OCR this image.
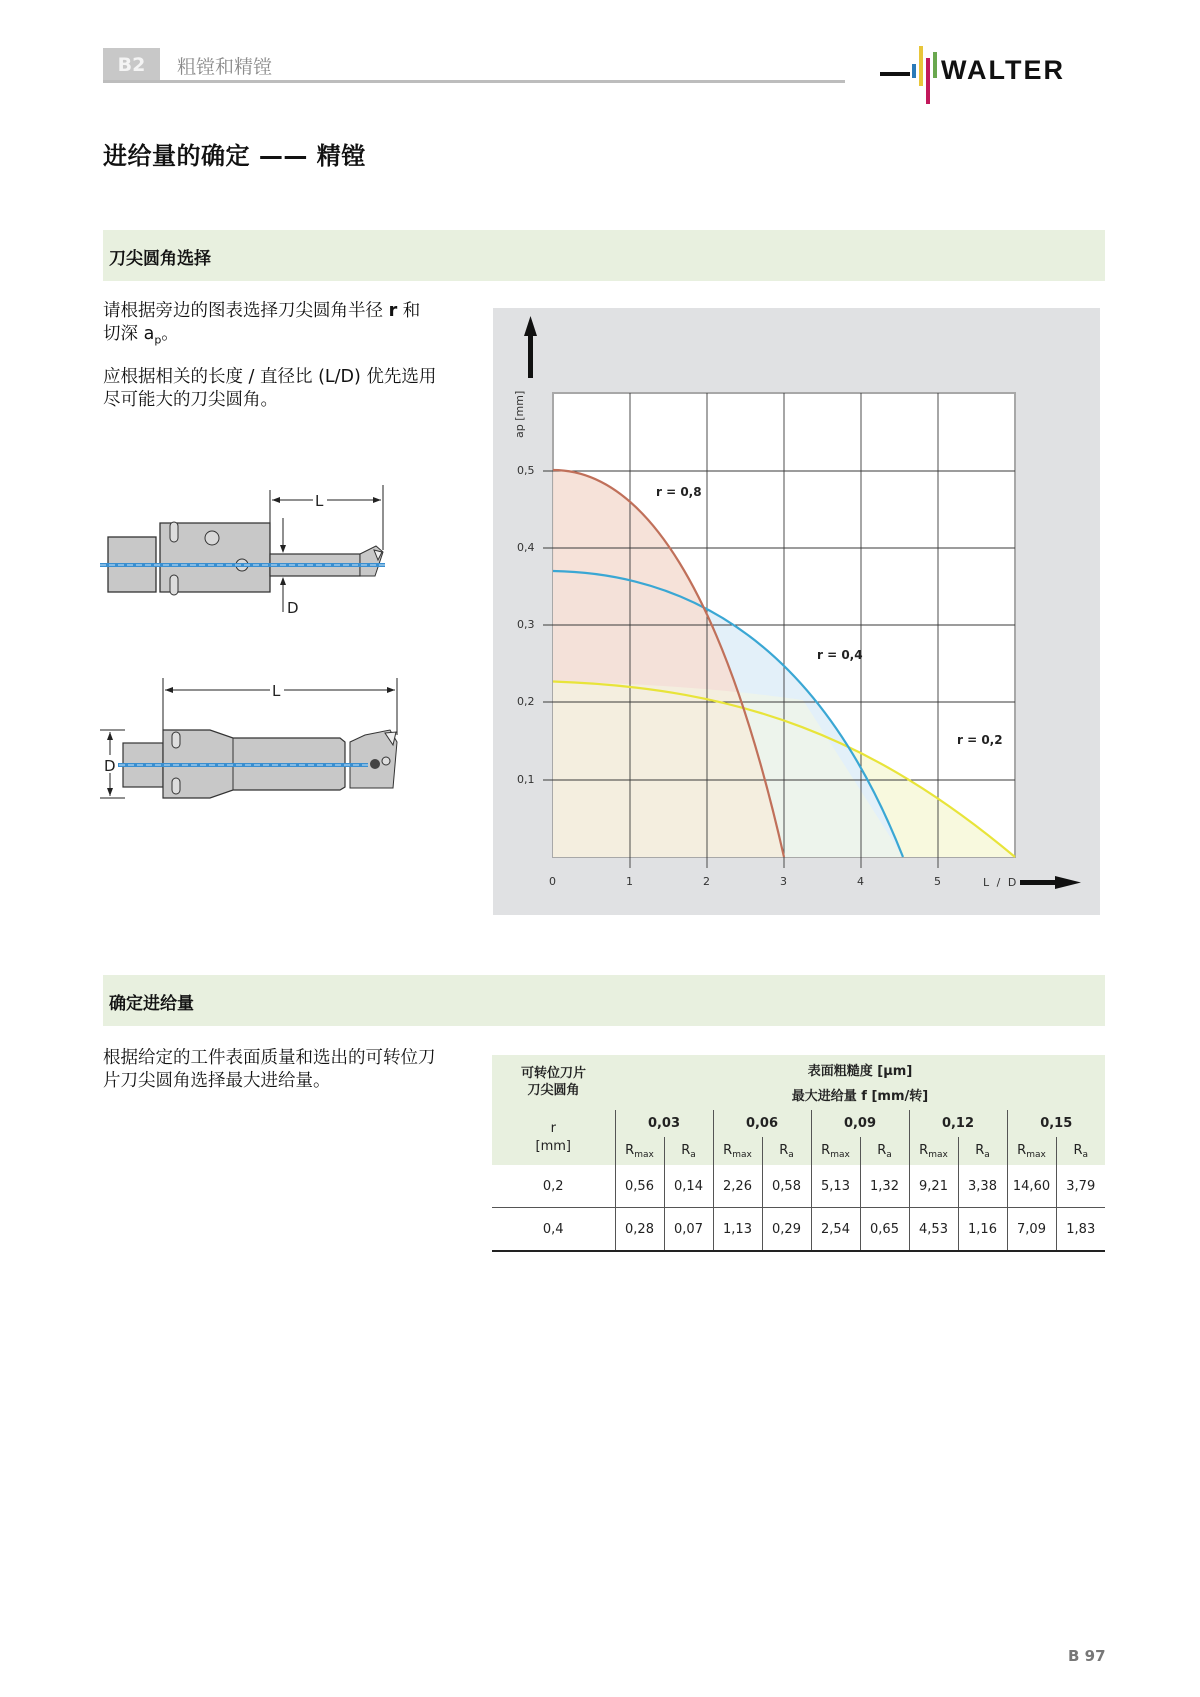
B2	粗镗和精镗	WALTER
进给量的确定 —— 精镗
刀尖圆角选择
请根据旁边的图表选择刀尖圆角半径 r 和
切深 $a_p$。
应根据相关的长度 / 直径比 (L/D) 优先选用尽可能大的刀尖圆角。
L
D
L
D
ap [mm]
0,5
0,4
0,3
0,2
0,1
0	1	2	3	4	5	L / D
r = 0,8
r = 0,4
r = 0,2
确定进给量
根据给定的工件表面质量和选出的可转位刀片刀尖圆角选择最大进给量。	可转位刀片
刀尖圆角

表面粗糙度 [μm]
最大进给量 f [mm/转]

r
[mm]	0,03		0,06		0,09		0,12		0,15	
	$R_{max}$	$R_a$	$R_{max}$	$R_a$	$R_{max}$	$R_a$	$R_{max}$	$R_a$	$R_{max}$	$R_a$
0,2	0,56	0,14	2,26	0,58	5,13	1,32	9,21	3,38	14,60	3,79
0,4	0,28	0,07	1,13	0,29	2,54	0,65	4,53	1,16	7,09	1,83
B 97
